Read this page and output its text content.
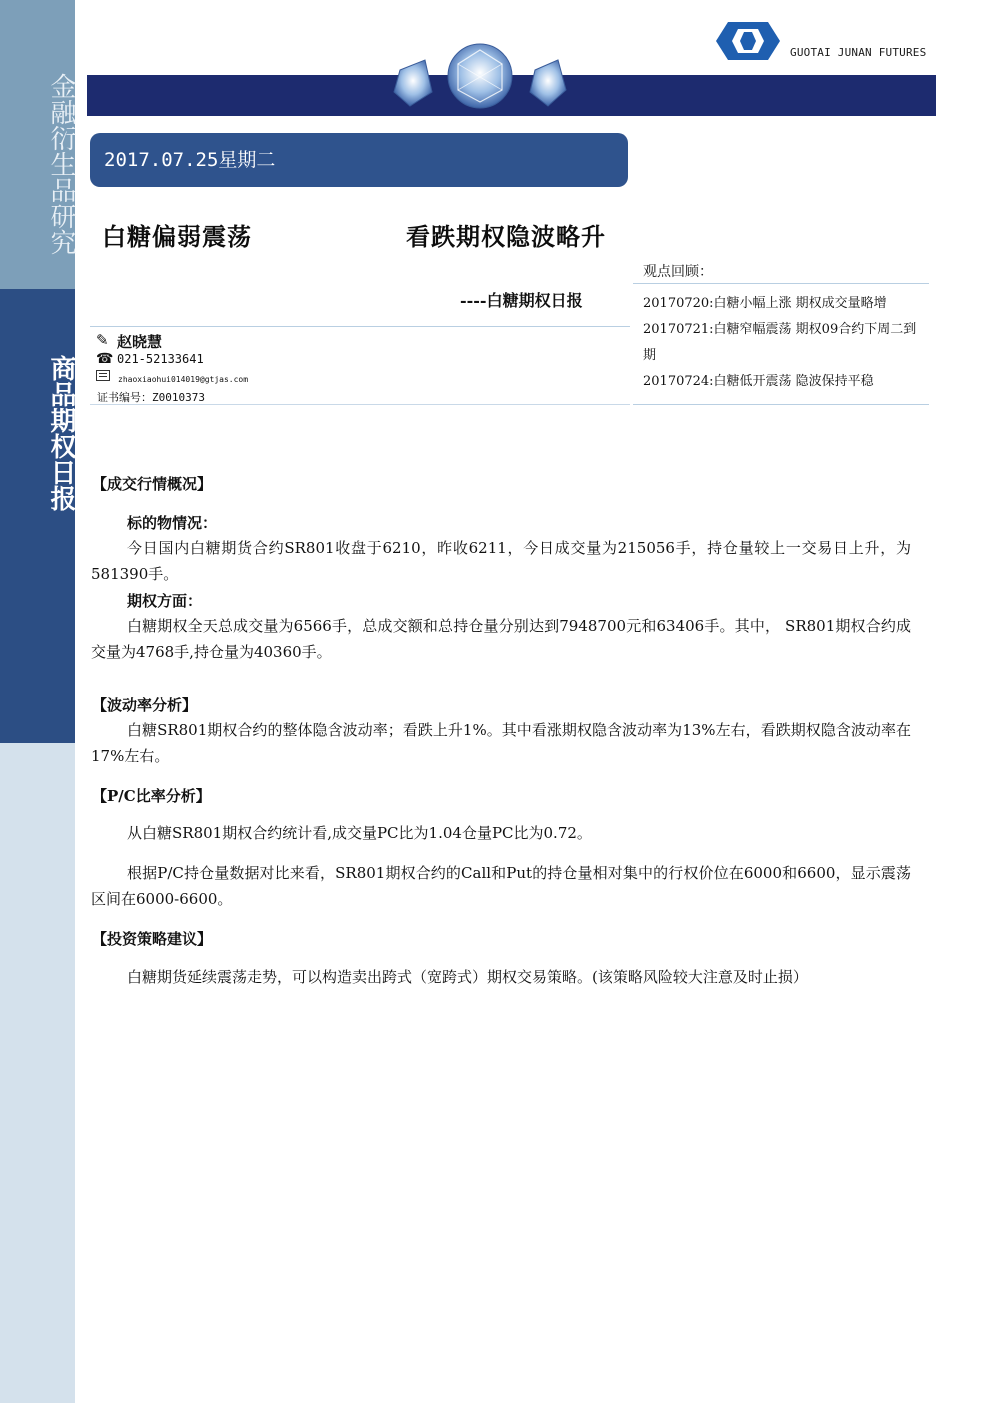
金融衍生品研究
商品期权日报
GUOTAI JUNAN FUTURES
2017.07.25星期二
白糖偏弱震荡	看跌期权隐波略升
----白糖期权日报
✎ 赵晓慧
☎ 021-52133641
zhaoxiaohui014019@gtjas.com
证书编号：Z0010373
观点回顾：
20170720:白糖小幅上涨 期权成交量略增
20170721:白糖窄幅震荡 期权09合约下周二到期
20170724:白糖低开震荡 隐波保持平稳
【成交行情概况】
标的物情况：
今日国内白糖期货合约SR801收盘于6210，昨收6211，今日成交量为215056手，持仓量较上一交易日上升，为581390手。
期权方面：
白糖期权全天总成交量为6566手，总成交额和总持仓量分别达到7948700元和63406手。其中， SR801期权合约成交量为4768手,持仓量为40360手。
【波动率分析】
白糖SR801期权合约的整体隐含波动率；看跌上升1%。其中看涨期权隐含波动率为13%左右，看跌期权隐含波动率在17%左右。
【P/C比率分析】
从白糖SR801期权合约统计看,成交量PC比为1.04仓量PC比为0.72。
根据P/C持仓量数据对比来看，SR801期权合约的Call和Put的持仓量相对集中的行权价位在6000和6600，显示震荡区间在6000-6600。
【投资策略建议】
白糖期货延续震荡走势，可以构造卖出跨式（宽跨式）期权交易策略。(该策略风险较大注意及时止损）
